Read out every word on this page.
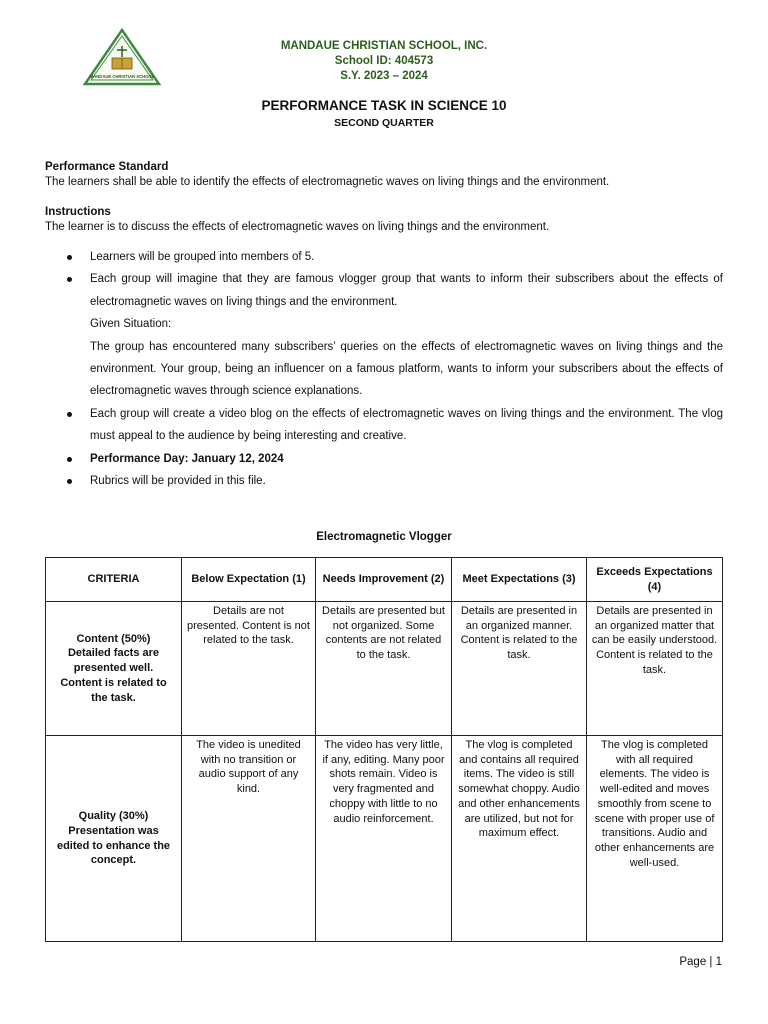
MANDAUE CHRISTIAN SCHOOL
MANDAUE CHRISTIAN SCHOOL, INC.
School ID: 404573
S.Y. 2023 – 2024
PERFORMANCE TASK IN SCIENCE 10
SECOND QUARTER
Performance Standard
The learners shall be able to identify the effects of electromagnetic waves on living things and the environment.
Instructions
The learner is to discuss the effects of electromagnetic waves on living things and the environment.
Learners will be grouped into members of 5.
Each group will imagine that they are famous vlogger group that wants to inform their subscribers about the effects of electromagnetic waves on living things and the environment.
Given Situation:
The group has encountered many subscribers’ queries on the effects of electromagnetic waves on living things and the environment. Your group, being an influencer on a famous platform, wants to inform your subscribers about the effects of electromagnetic waves through science explanations.
Each group will create a video blog on the effects of electromagnetic waves on living things and the environment. The vlog must appeal to the audience by being interesting and creative.
Performance Day: January 12, 2024
Rubrics will be provided in this file.
Electromagnetic Vlogger
CRITERIA	Below Expectation (1)	Needs Improvement (2)	Meet Expectations (3)	Exceeds Expectations (4)
Content (50%) Detailed facts are presented well. Content is related to the task.	Details are not presented. Content is not related to the task.	Details are presented but not organized. Some contents are not related to the task.	Details are presented in an organized manner. Content is related to the task.	Details are presented in an organized matter that can be easily understood. Content is related to the task.
Quality (30%) Presentation was edited to enhance the concept.	The video is unedited with no transition or audio support of any kind.	The video has very little, if any, editing. Many poor shots remain. Video is very fragmented and choppy with little to no audio reinforcement.	The vlog is completed and contains all required items. The video is still somewhat choppy. Audio and other enhancements are utilized, but not for maximum effect.	The vlog is completed with all required elements. The video is well-edited and moves smoothly from scene to scene with proper use of transitions. Audio and other enhancements are well-used.
Page | 1
